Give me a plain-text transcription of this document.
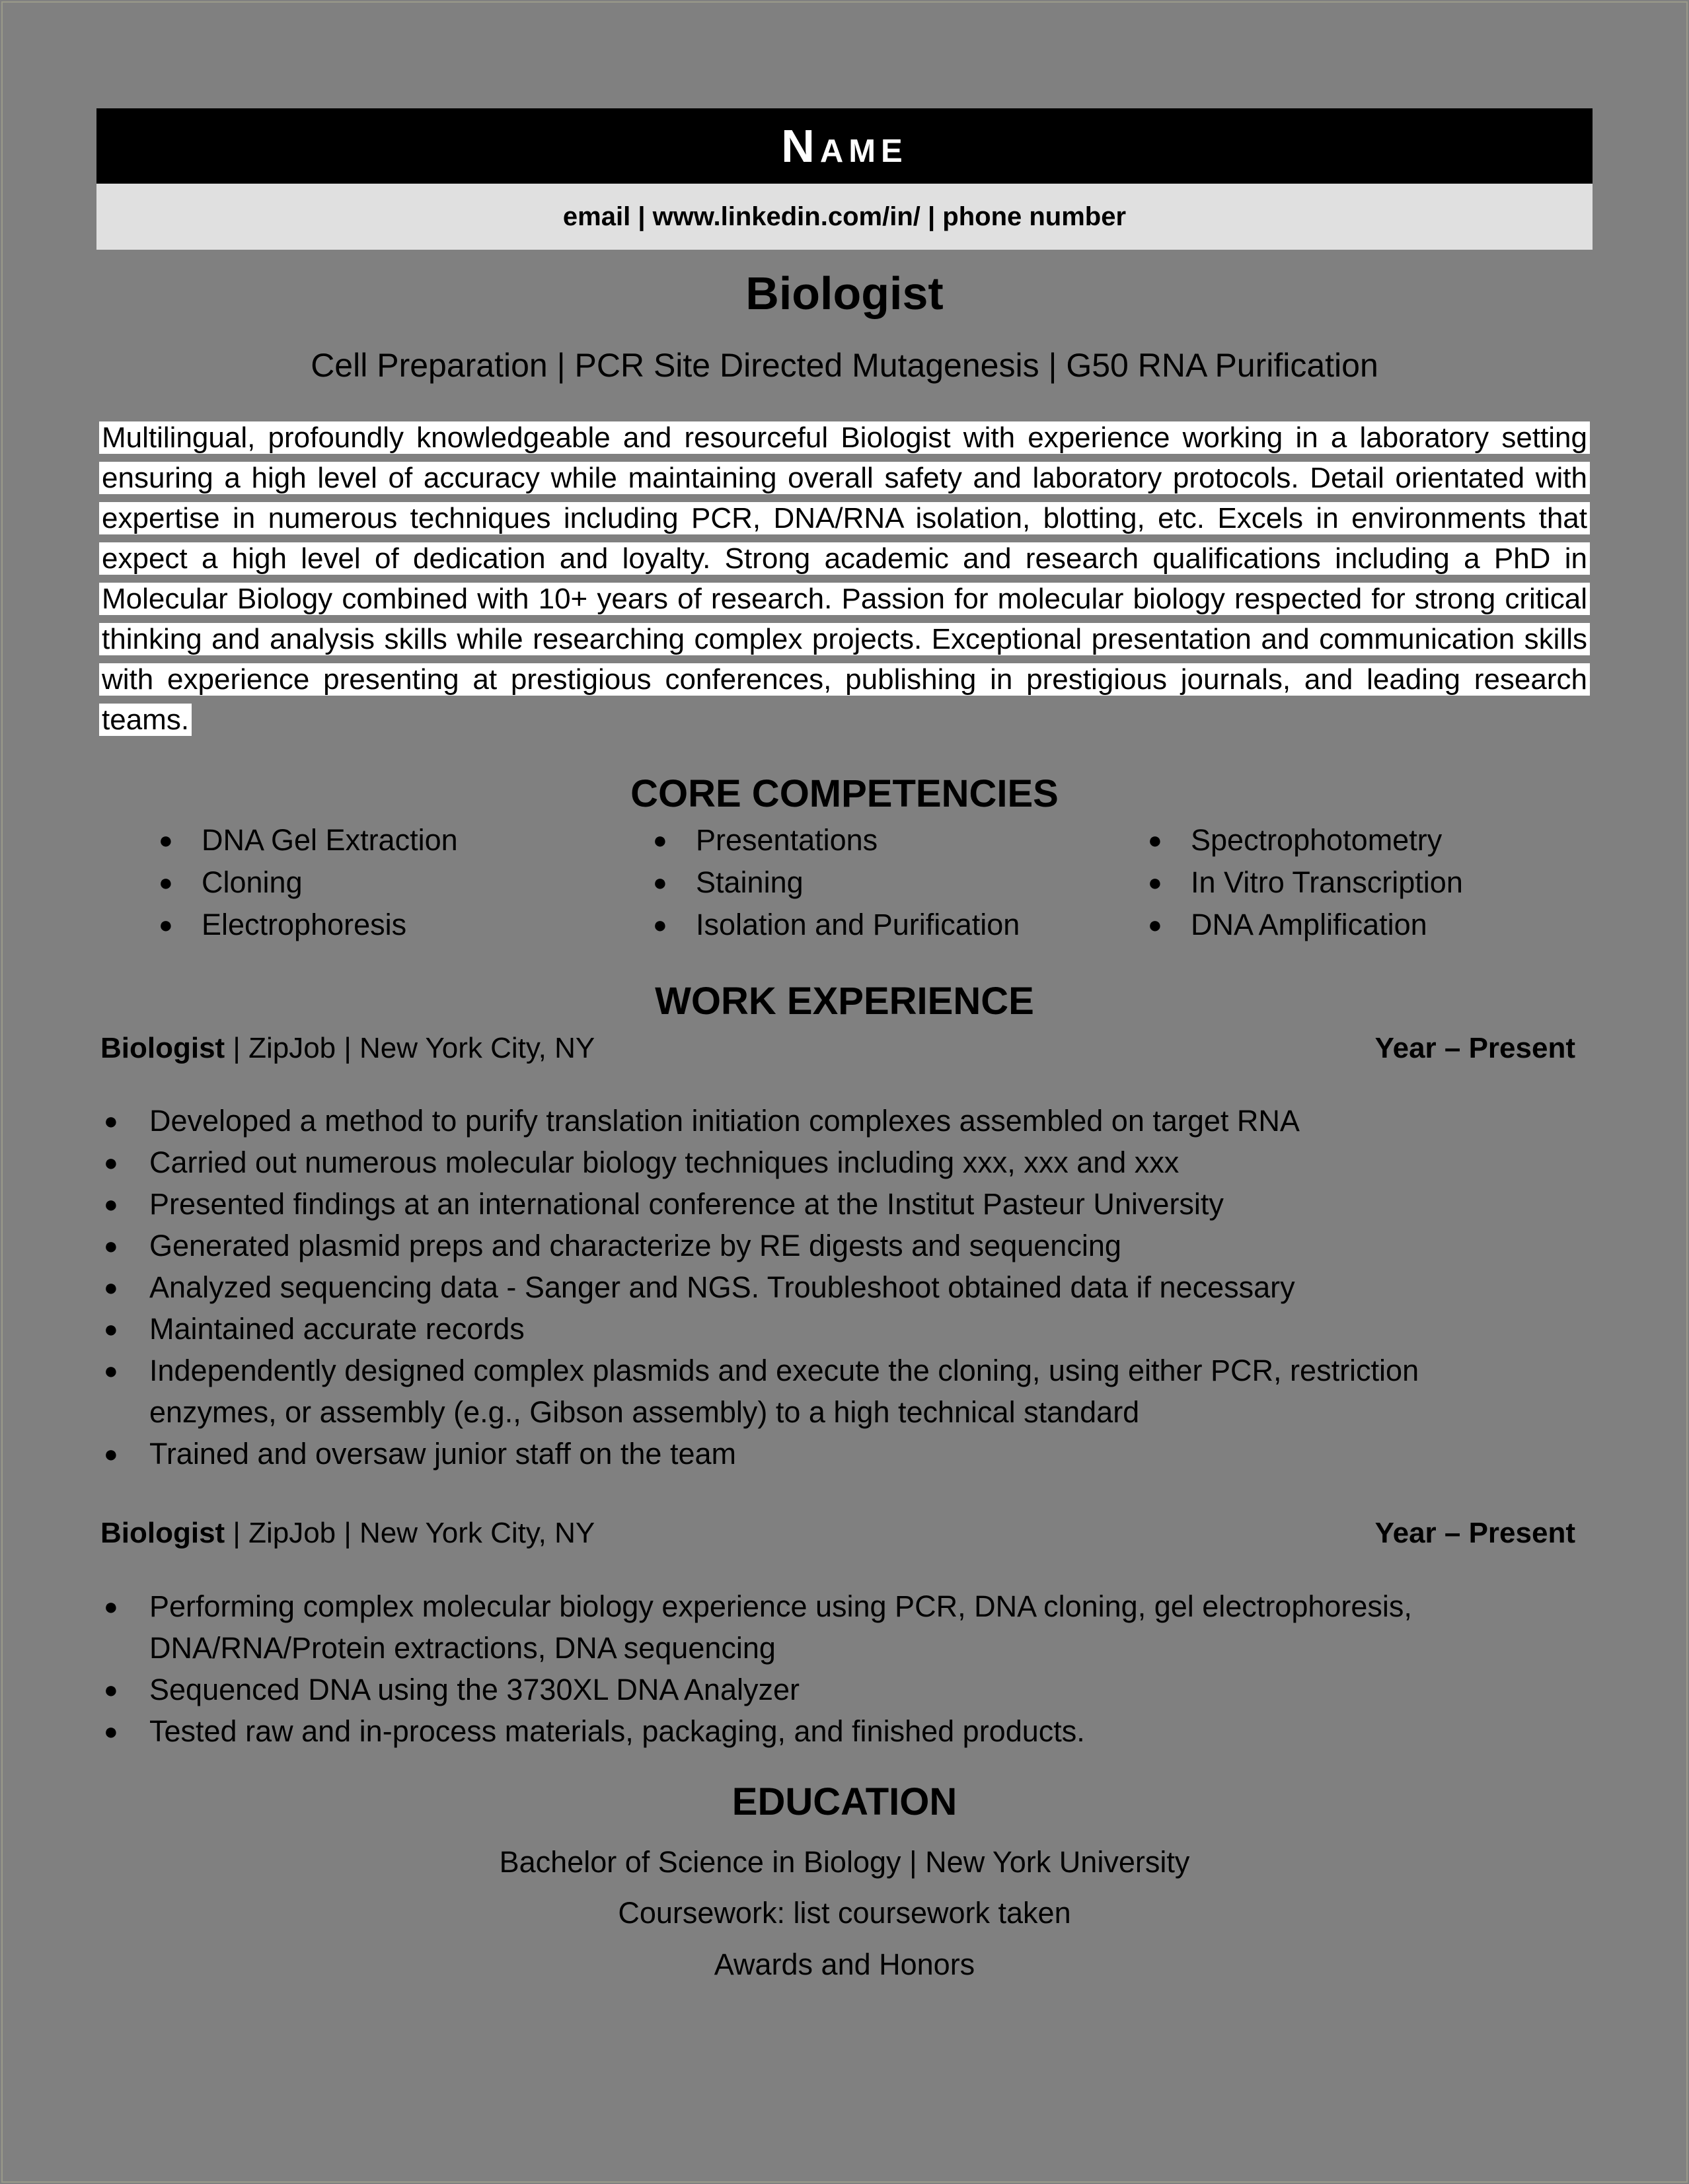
Name
email | www.linkedin.com/in/ | phone number
Biologist
Cell Preparation | PCR Site Directed Mutagenesis | G50 RNA Purification

Multilingual, profoundly knowledgeable and resourceful Biologist with experience working in a laboratory setting ensuring a high level of accuracy while maintaining overall safety and laboratory protocols. Detail orientated with expertise in numerous techniques including PCR, DNA/RNA isolation, blotting, etc. Excels in environments that expect a high level of dedication and loyalty. Strong academic and research qualifications including a PhD in Molecular Biology combined with 10+ years of research. Passion for molecular biology respected for strong critical thinking and analysis skills while researching complex projects. Exceptional presentation and communication skills with experience presenting at prestigious conferences, publishing in prestigious journals, and leading research teams.

CORE COMPETENCIES
● DNA Gel Extraction
● Cloning
● Electrophoresis
● Presentations
● Staining
● Isolation and Purification
● Spectrophotometry
● In Vitro Transcription
● DNA Amplification
WORK EXPERIENCE
Biologist | ZipJob | New York City, NY	Year – Present
● Developed a method to purify translation initiation complexes assembled on target RNA
● Carried out numerous molecular biology techniques including xxx, xxx and xxx
● Presented findings at an international conference at the Institut Pasteur University
● Generated plasmid preps and characterize by RE digests and sequencing
● Analyzed sequencing data - Sanger and NGS. Troubleshoot obtained data if necessary
● Maintained accurate records
● Independently designed complex plasmids and execute the cloning, using either PCR, restriction enzymes, or assembly (e.g., Gibson assembly) to a high technical standard
● Trained and oversaw junior staff on the team
Biologist | ZipJob | New York City, NY	Year – Present
● Performing complex molecular biology experience using PCR, DNA cloning, gel electrophoresis, DNA/RNA/Protein extractions, DNA sequencing
● Sequenced DNA using the 3730XL DNA Analyzer
● Tested raw and in-process materials, packaging, and finished products.
EDUCATION
Bachelor of Science in Biology | New York University
Coursework: list coursework taken
Awards and Honors
